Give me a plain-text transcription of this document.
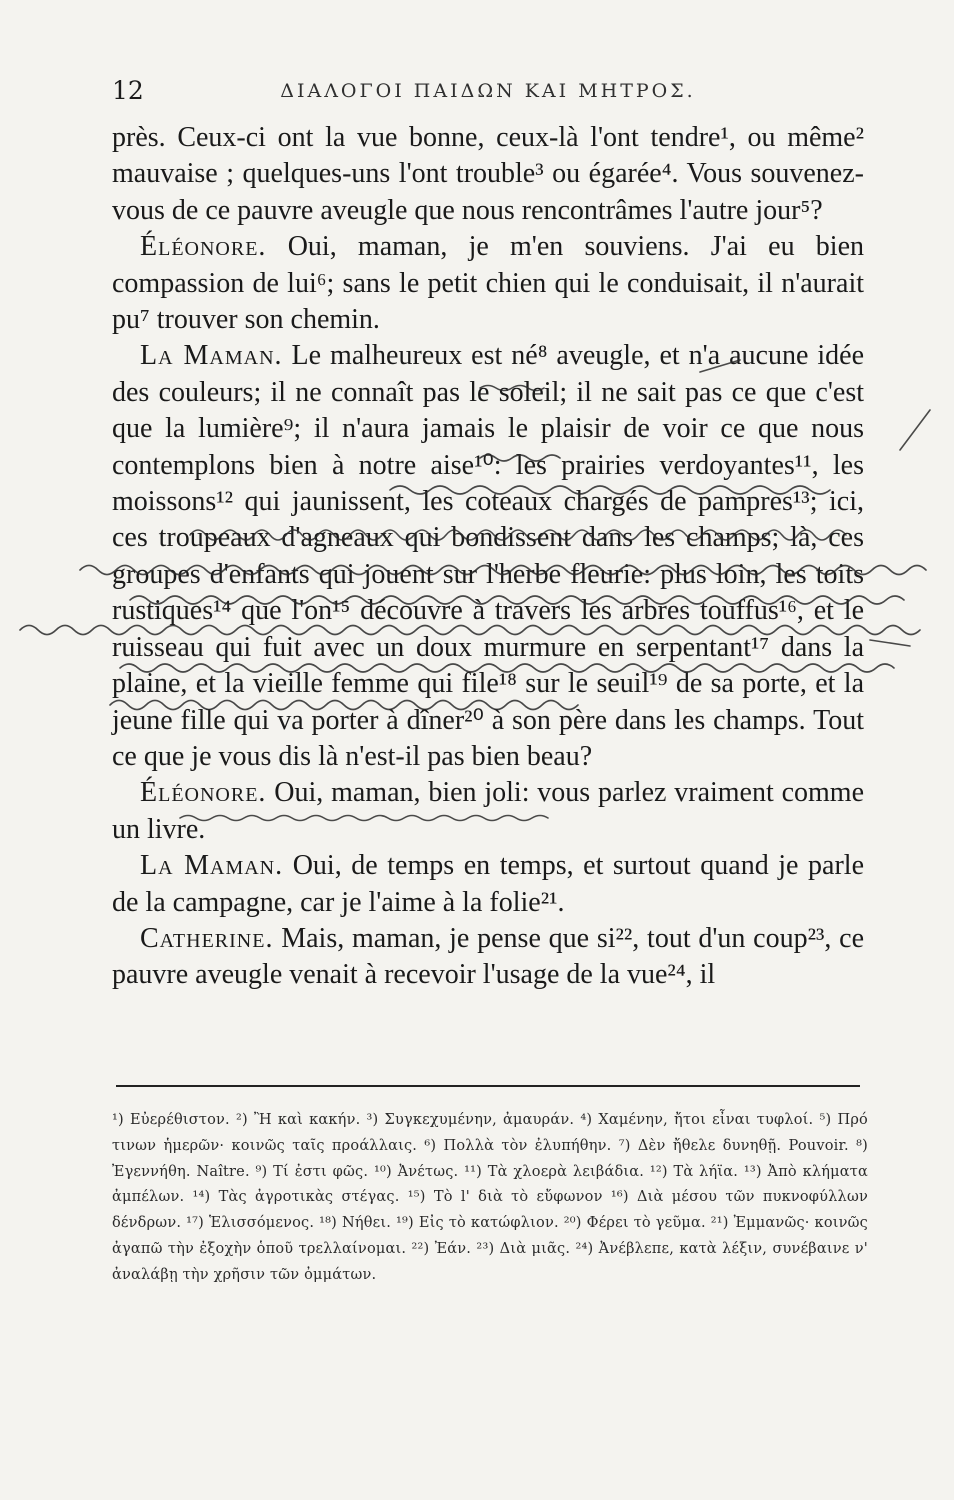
12	ΔΙΑΛΟΓΟΙ ΠΑΙΔΩΝ ΚΑΙ ΜΗΤΡΟΣ.

près. Ceux-ci ont la vue bonne, ceux-là l'ont tendre¹, ou même² mauvaise ; quelques-uns l'ont trouble³ ou égarée⁴. Vous souvenez-vous de ce pauvre aveugle que nous rencontrâmes l'autre jour⁵?

 Éléonore. Oui, maman, je m'en souviens. J'ai eu bien compassion de lui⁶; sans le petit chien qui le conduisait, il n'aurait pu⁷ trouver son chemin.

 La Maman. Le malheureux est né⁸ aveugle, et n'a aucune idée des couleurs; il ne connaît pas le soleil; il ne sait pas ce que c'est que la lumière⁹; il n'aura jamais le plaisir de voir ce que nous contemplons bien à notre aise¹⁰: les prairies verdoyantes¹¹, les moissons¹² qui jaunissent, les coteaux chargés de pampres¹³; ici, ces troupeaux d'agneaux qui bondissent dans les champs; là, ces groupes d'enfants qui jouent sur l'herbe fleurie: plus loin, les toits rustiques¹⁴ que l'on¹⁵ découvre à travers les arbres touffus¹⁶, et le ruisseau qui fuit avec un doux murmure en serpentant¹⁷ dans la plaine, et la vieille femme qui file¹⁸ sur le seuil¹⁹ de sa porte, et la jeune fille qui va porter à dîner²⁰ à son père dans les champs. Tout ce que je vous dis là n'est-il pas bien beau?

 Éléonore. Oui, maman, bien joli: vous parlez vraiment comme un livre.

 La Maman. Oui, de temps en temps, et surtout quand je parle de la campagne, car je l'aime à la folie²¹.

 Catherine. Mais, maman, je pense que si²², tout d'un coup²³, ce pauvre aveugle venait à recevoir l'usage de la vue²⁴, il

¹) Εὐερέθιστον. ²) Ἢ καὶ κακήν. ³) Συγκεχυμένην, ἀμαυράν. ⁴) Χαμένην, ἤτοι εἶναι τυφλοί. ⁵) Πρό τινων ἡμερῶν· κοινῶς ταῖς προάλλαις. ⁶) Πολλὰ τὸν ἐλυπήθην. ⁷) Δὲν ἤθελε δυνηθῇ. Pouvoir. ⁸) Ἐγεννήθη. Naître. ⁹) Τί ἐστι φῶς. ¹⁰) Ἀνέτως. ¹¹) Τὰ χλοερὰ λειβάδια. ¹²) Τὰ λήϊα. ¹³) Ἀπὸ κλήματα ἀμπέλων. ¹⁴) Τὰς ἀγροτικὰς στέγας. ¹⁵) Τὸ l' διὰ τὸ εὔφωνον ¹⁶) Διὰ μέσου τῶν πυκνοφύλλων δένδρων. ¹⁷) Ἑλισσόμενος. ¹⁸) Νήθει. ¹⁹) Εἰς τὸ κατώφλιον. ²⁰) Φέρει τὸ γεῦμα. ²¹) Ἐμμανῶς· κοινῶς ἀγαπῶ τὴν ἐξοχὴν ὁποῦ τρελλαίνομαι. ²²) Ἐάν. ²³) Διὰ μιᾶς. ²⁴) Ἀνέβλεπε, κατὰ λέξιν, συνέβαινε ν' ἀναλάβῃ τὴν χρῆσιν τῶν ὀμμάτων.
